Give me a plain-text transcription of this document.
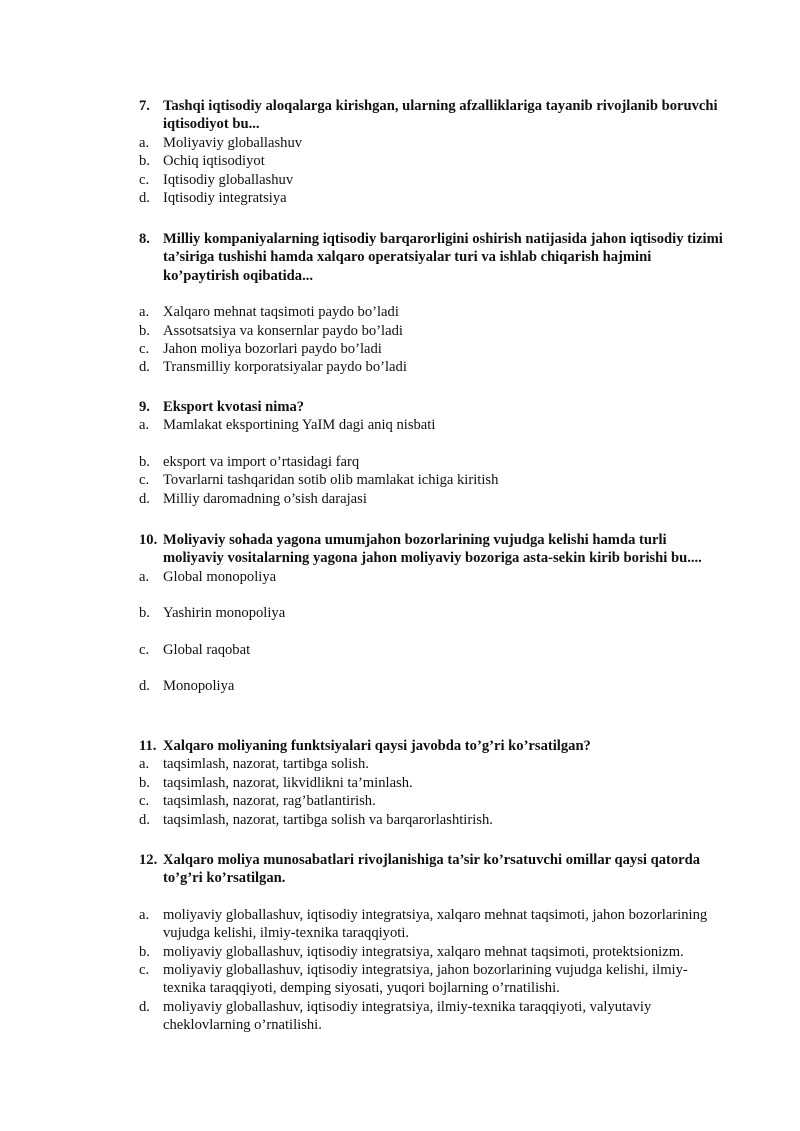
7. Tashqi iqtisodiy aloqalarga kirishgan, ularning afzalliklariga tayanib rivojlanib boruvchi iqtisodiyot bu...
a. Moliyaviy globallashuv
b. Ochiq iqtisodiyot
c. Iqtisodiy globallashuv
d. Iqtisodiy integratsiya
8. Milliy kompaniyalarning iqtisodiy barqarorligini oshirish natijasida jahon iqtisodiy tizimi ta’siriga tushishi hamda xalqaro operatsiyalar turi va ishlab chiqarish hajmini ko’paytirish oqibatida...
a. Xalqaro mehnat taqsimoti paydo bo’ladi
b. Assotsatsiya va konsernlar paydo bo’ladi
c. Jahon moliya bozorlari paydo bo’ladi
d. Transmilliy korporatsiyalar paydo bo’ladi
9. Eksport kvotasi nima?
a. Mamlakat eksportining YaIM dagi aniq nisbati
b. eksport va import o’rtasidagi farq
c. Tovarlarni tashqaridan sotib olib mamlakat ichiga kiritish
d. Milliy daromadning o’sish darajasi
10. Moliyaviy sohada yagona umumjahon bozorlarining vujudga kelishi hamda turli moliyaviy vositalarning yagona jahon moliyaviy bozoriga asta-sekin kirib borishi bu....
a. Global monopoliya
b. Yashirin monopoliya
c. Global raqobat
d. Monopoliya
11. Xalqaro moliyaning funktsiyalari qaysi javobda to’g’ri ko’rsatilgan?
a. taqsimlash, nazorat, tartibga solish.
b. taqsimlash, nazorat, likvidlikni ta’minlash.
c. taqsimlash, nazorat, rag’batlantirish.
d. taqsimlash, nazorat, tartibga solish va barqarorlashtirish.
12. Xalqaro moliya munosabatlari rivojlanishiga ta’sir ko’rsatuvchi omillar qaysi qatorda to’g’ri ko’rsatilgan.
a. moliyaviy globallashuv, iqtisodiy integratsiya, xalqaro mehnat taqsimoti, jahon bozorlarining vujudga kelishi, ilmiy-texnika taraqqiyoti.
b. moliyaviy globallashuv, iqtisodiy integratsiya, xalqaro mehnat taqsimoti, protektsionizm.
c. moliyaviy globallashuv, iqtisodiy integratsiya, jahon bozorlarining vujudga kelishi, ilmiy-texnika taraqqiyoti, demping siyosati, yuqori bojlarning o’rnatilishi.
d. moliyaviy globallashuv, iqtisodiy integratsiya, ilmiy-texnika taraqqiyoti, valyutaviy cheklovlarning o’rnatilishi.
